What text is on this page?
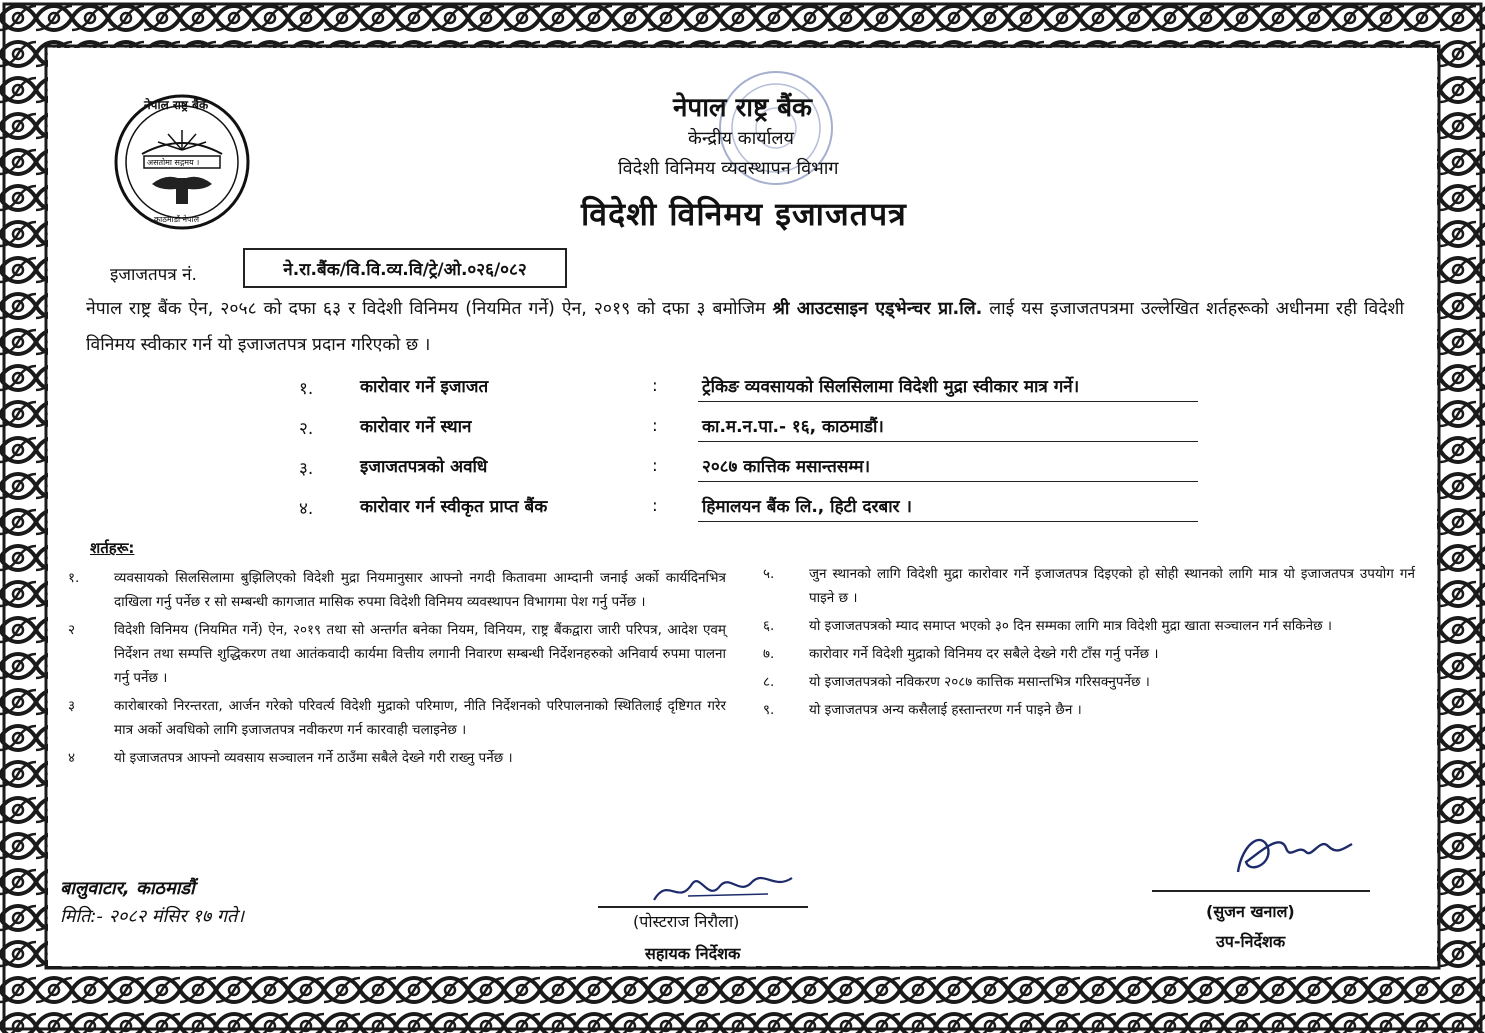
नेपाल राष्ट्र बैंक
असतोमा सद्गमय ।
काठमाडौं नेपाल
नेपाल राष्ट्र बैंक
केन्द्रीय कार्यालय
विदेशी विनिमय व्यवस्थापन विभाग
विदेशी विनिमय इजाजतपत्र
इजाजतपत्र नं.	ने.रा.बैंक/वि.वि.व्य.वि/ट्रे/ओ.०२६/०८२
नेपाल राष्ट्र बैंक ऐन, २०५८ को दफा ६३ र विदेशी विनिमय (नियमित गर्ने) ऐन, २०१९ को दफा ३ बमोजिम श्री आउटसाइन एड्भेन्चर प्रा.लि. लाई यस इजाजतपत्रमा उल्लेखित शर्तहरूको अधीनमा रही विदेशी विनिमय स्वीकार गर्न यो इजाजतपत्र प्रदान गरिएको छ ।
१.	कारोवार गर्ने इजाजत	:	ट्रेकिङ व्यवसायको सिलसिलामा विदेशी मुद्रा स्वीकार मात्र गर्ने।
२.	कारोवार गर्ने स्थान	:	का.म.न.पा.- १६, काठमाडौं।
३.	इजाजतपत्रको अवधि	:	२०८७ कात्तिक मसान्तसम्म।
४.	कारोवार गर्न स्वीकृत प्राप्त बैंक	:	हिमालयन बैंक लि., हिटी दरबार ।
शर्तहरू:
१.	व्यवसायको सिलसिलामा बुझिलिएको विदेशी मुद्रा नियमानुसार आफ्नो नगदी कितावमा आम्दानी जनाई अर्को कार्यदिनभित्र दाखिला गर्नु पर्नेछ र सो सम्बन्धी कागजात मासिक रुपमा विदेशी विनिमय व्यवस्थापन विभागमा पेश गर्नु पर्नेछ ।
२	विदेशी विनिमय (नियमित गर्ने) ऐन, २०१९ तथा सो अन्तर्गत बनेका नियम, विनियम, राष्ट्र बैंकद्वारा जारी परिपत्र, आदेश एवम् निर्देशन तथा सम्पत्ति शुद्धिकरण तथा आतंकवादी कार्यमा वित्तीय लगानी निवारण सम्बन्धी निर्देशनहरुको अनिवार्य रुपमा पालना गर्नु पर्नेछ ।
३	कारोबारको निरन्तरता, आर्जन गरेको परिवर्त्य विदेशी मुद्राको परिमाण, नीति निर्देशनको परिपालनाको स्थितिलाई दृष्टिगत गरेर मात्र अर्को अवधिको लागि इजाजतपत्र नवीकरण गर्न कारवाही चलाइनेछ ।
४	यो इजाजतपत्र आफ्नो व्यवसाय सञ्चालन गर्ने ठाउँमा सबैले देख्ने गरी राख्नु पर्नेछ ।
५.	जुन स्थानको लागि विदेशी मुद्रा कारोवार गर्ने इजाजतपत्र दिइएको हो सोही स्थानको लागि मात्र यो इजाजतपत्र उपयोग गर्न पाइने छ ।
६.	यो इजाजतपत्रको म्याद समाप्त भएको ३० दिन सम्मका लागि मात्र विदेशी मुद्रा खाता सञ्चालन गर्न सकिनेछ ।
७.	कारोवार गर्ने विदेशी मुद्राको विनिमय दर सबैले देख्ने गरी टाँस गर्नु पर्नेछ ।
८.	यो इजाजतपत्रको नविकरण २०८७ कात्तिक मसान्तभित्र गरिसक्नुपर्नेछ ।
९.	यो इजाजतपत्र अन्य कसैलाई हस्तान्तरण गर्न पाइने छैन ।
बालुवाटार, काठमाडौं
मिति:- २०८२ मंसिर १७ गते।	(पोस्टराज निरौला)
सहायक निर्देशक
(सुजन खनाल)
उप-निर्देशक
